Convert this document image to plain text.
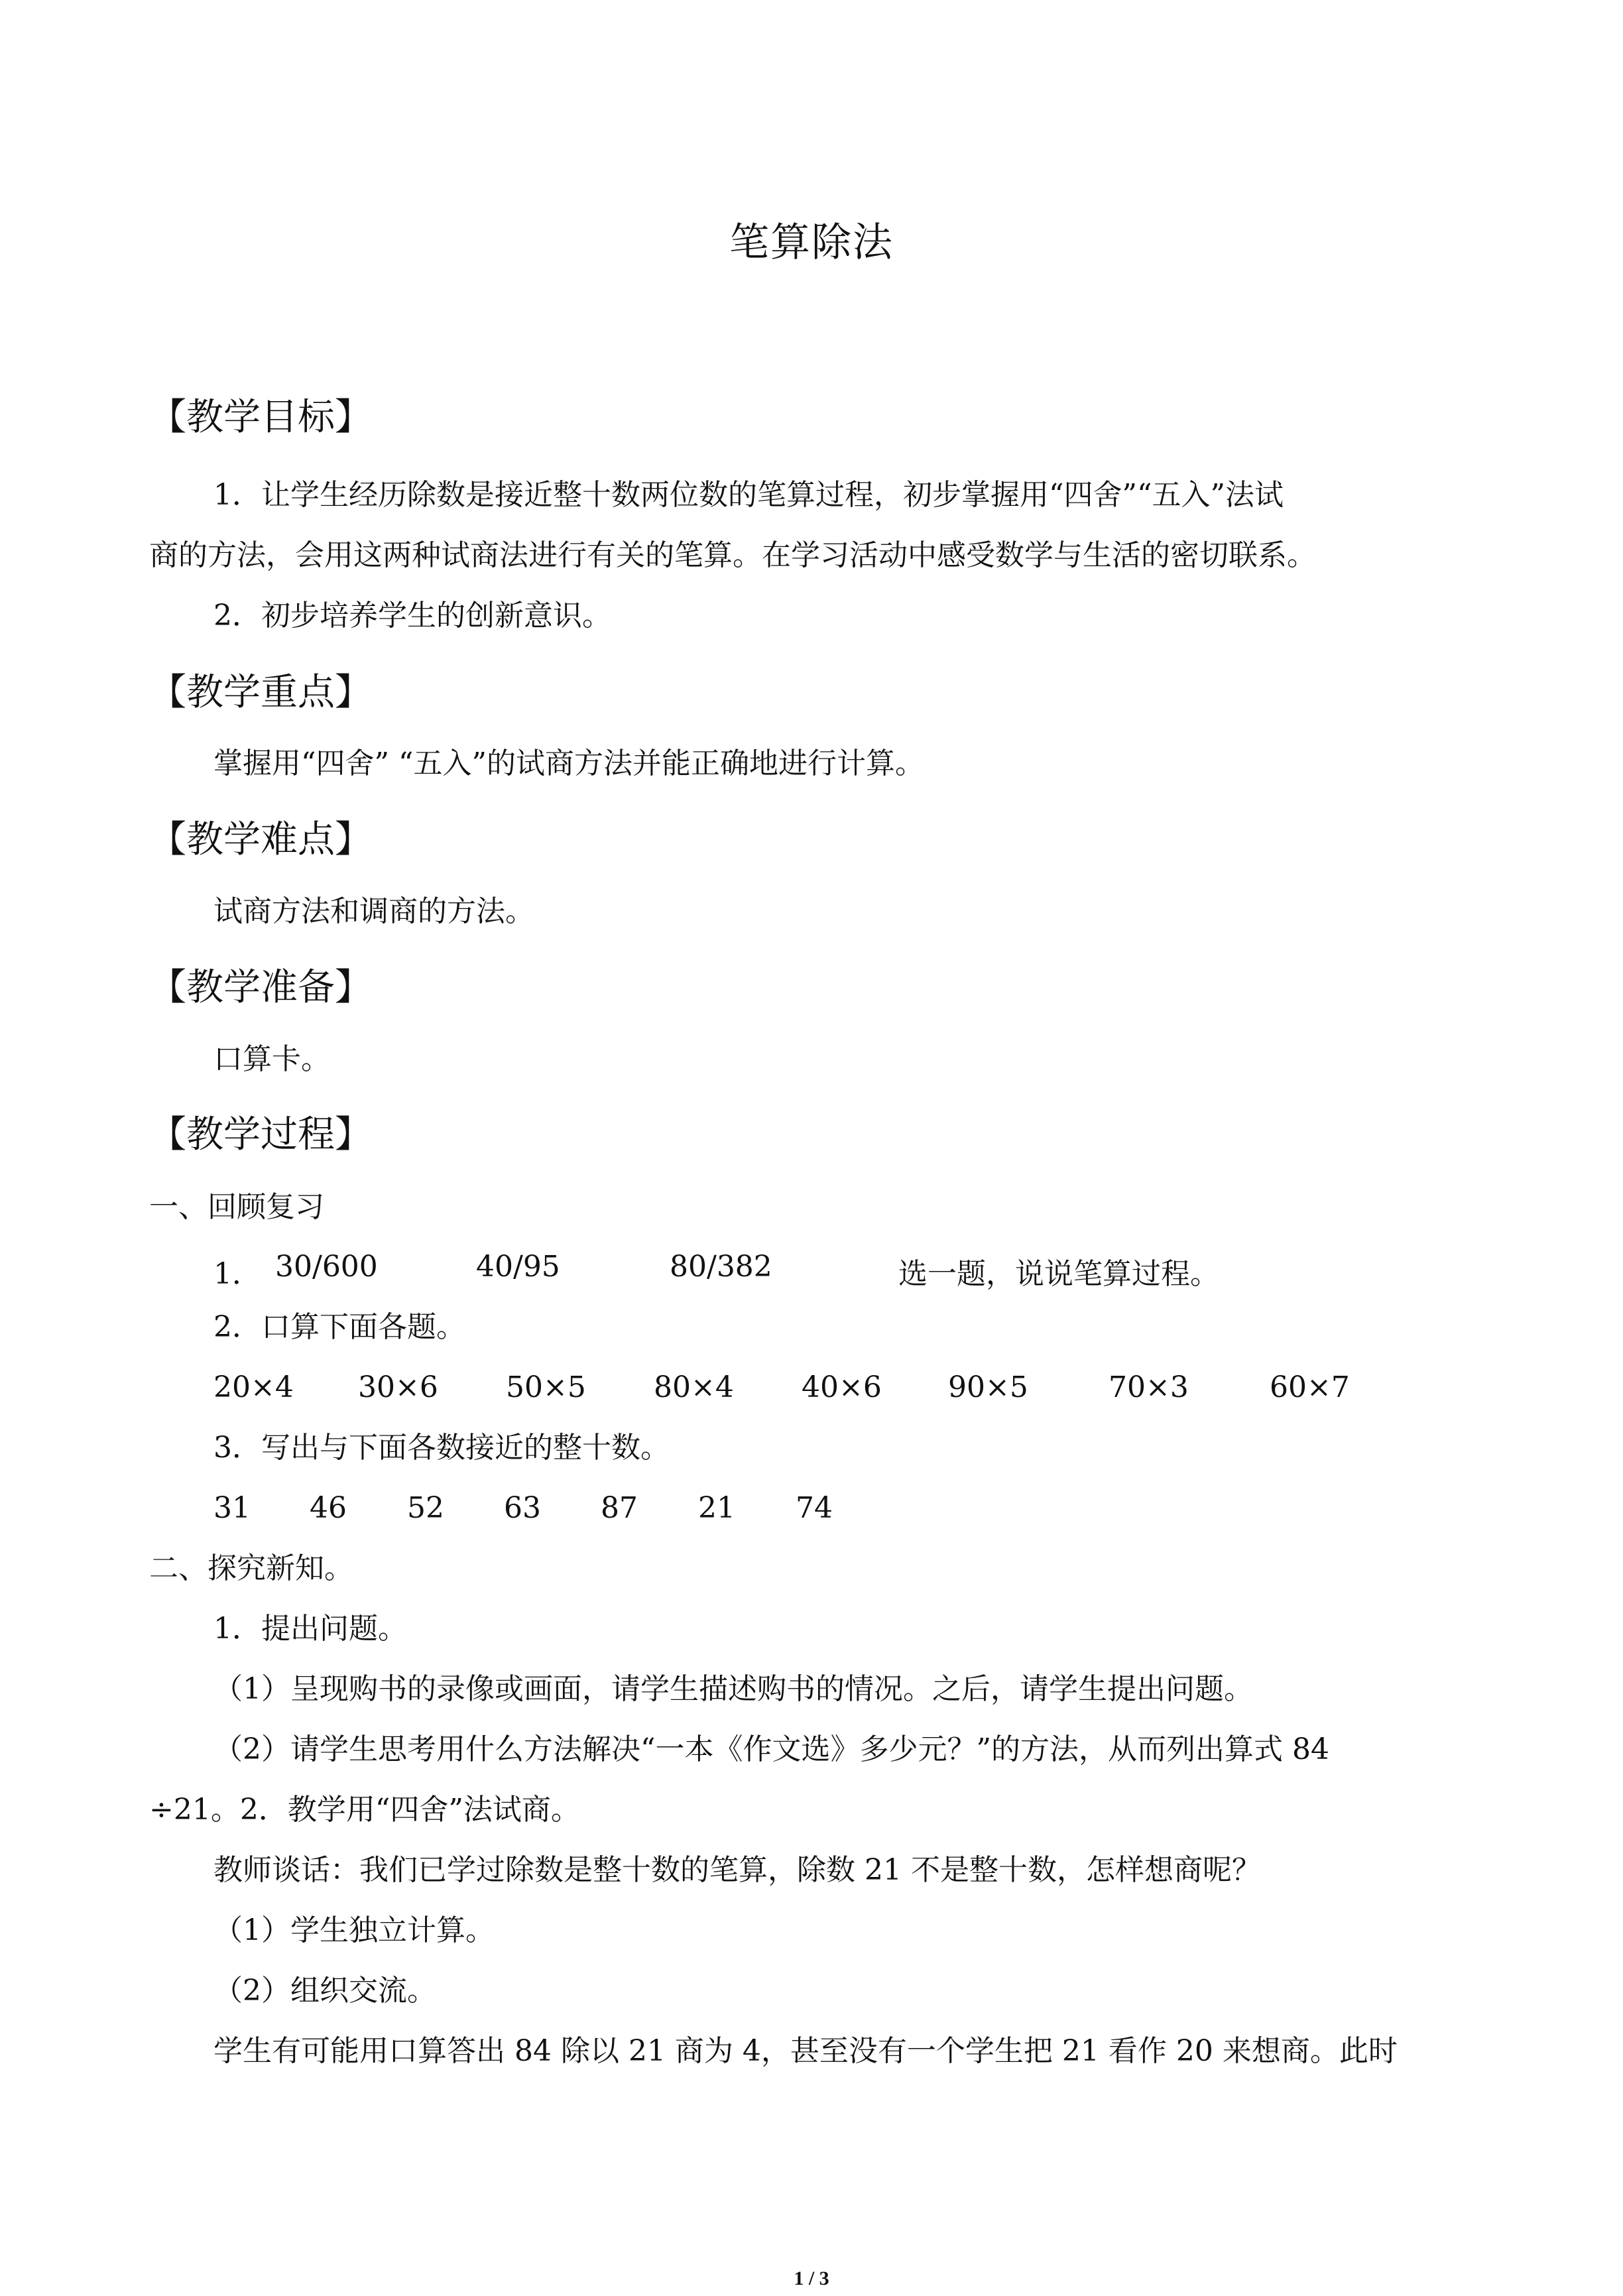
笔算除法
【教学目标】
1．让学生经历除数是接近整十数两位数的笔算过程，初步掌握用“四舍”“五入”法试
商的方法，会用这两种试商法进行有关的笔算。在学习活动中感受数学与生活的密切联系。
2．初步培养学生的创新意识。
【教学重点】
掌握用“四舍” “五入”的试商方法并能正确地进行计算。
【教学难点】
试商方法和调商的方法。
【教学准备】
口算卡。
【教学过程】
一、回顾复习
1． 30/600	40/95	80/382	选一题，说说笔算过程。
2．口算下面各题。
20×4 30×6 50×5 80×4 40×6 90×5	70×3	60×7
3．写出与下面各数接近的整十数。
31 46 52 63 87 21 74
二、探究新知。
1．提出问题。
（1）呈现购书的录像或画面，请学生描述购书的情况。之后，请学生提出问题。
（2）请学生思考用什么方法解决“一本《作文选》多少元？”的方法，从而列出算式 84
÷21。2．教学用“四舍”法试商。
教师谈话：我们已学过除数是整十数的笔算，除数 21 不是整十数，怎样想商呢？
（1）学生独立计算。
（2）组织交流。
学生有可能用口算答出 84 除以 21 商为 4，甚至没有一个学生把 21 看作 20 来想商。此时
1 / 3
